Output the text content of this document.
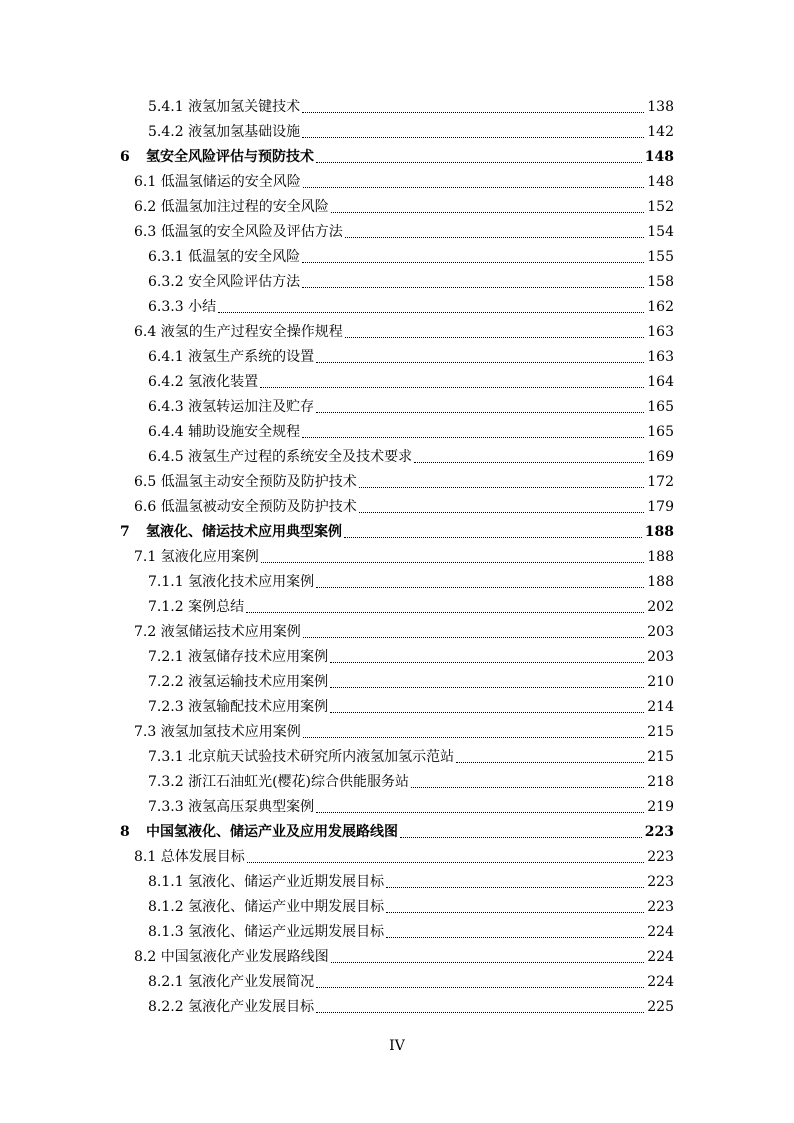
5.4.1 液氢加氢关键技术	138
5.4.2 液氢加氢基础设施	142
6 氢安全风险评估与预防技术	148
6.1 低温氢储运的安全风险	148
6.2 低温氢加注过程的安全风险	152
6.3 低温氢的安全风险及评估方法	154
6.3.1 低温氢的安全风险	155
6.3.2 安全风险评估方法	158
6.3.3 小结	162
6.4 液氢的生产过程安全操作规程	163
6.4.1 液氢生产系统的设置	163
6.4.2 氢液化装置	164
6.4.3 液氢转运加注及贮存	165
6.4.4 辅助设施安全规程	165
6.4.5 液氢生产过程的系统安全及技术要求	169
6.5 低温氢主动安全预防及防护技术	172
6.6 低温氢被动安全预防及防护技术	179
7 氢液化、储运技术应用典型案例	188
7.1 氢液化应用案例	188
7.1.1 氢液化技术应用案例	188
7.1.2 案例总结	202
7.2 液氢储运技术应用案例	203
7.2.1 液氢储存技术应用案例	203
7.2.2 液氢运输技术应用案例	210
7.2.3 液氢输配技术应用案例	214
7.3 液氢加氢技术应用案例	215
7.3.1 北京航天试验技术研究所内液氢加氢示范站	215
7.3.2 浙江石油虹光(樱花)综合供能服务站	218
7.3.3 液氢高压泵典型案例	219
8 中国氢液化、储运产业及应用发展路线图	223
8.1 总体发展目标	223
8.1.1 氢液化、储运产业近期发展目标	223
8.1.2 氢液化、储运产业中期发展目标	223
8.1.3 氢液化、储运产业远期发展目标	224
8.2 中国氢液化产业发展路线图	224
8.2.1 氢液化产业发展简况	224
8.2.2 氢液化产业发展目标	225
IV
